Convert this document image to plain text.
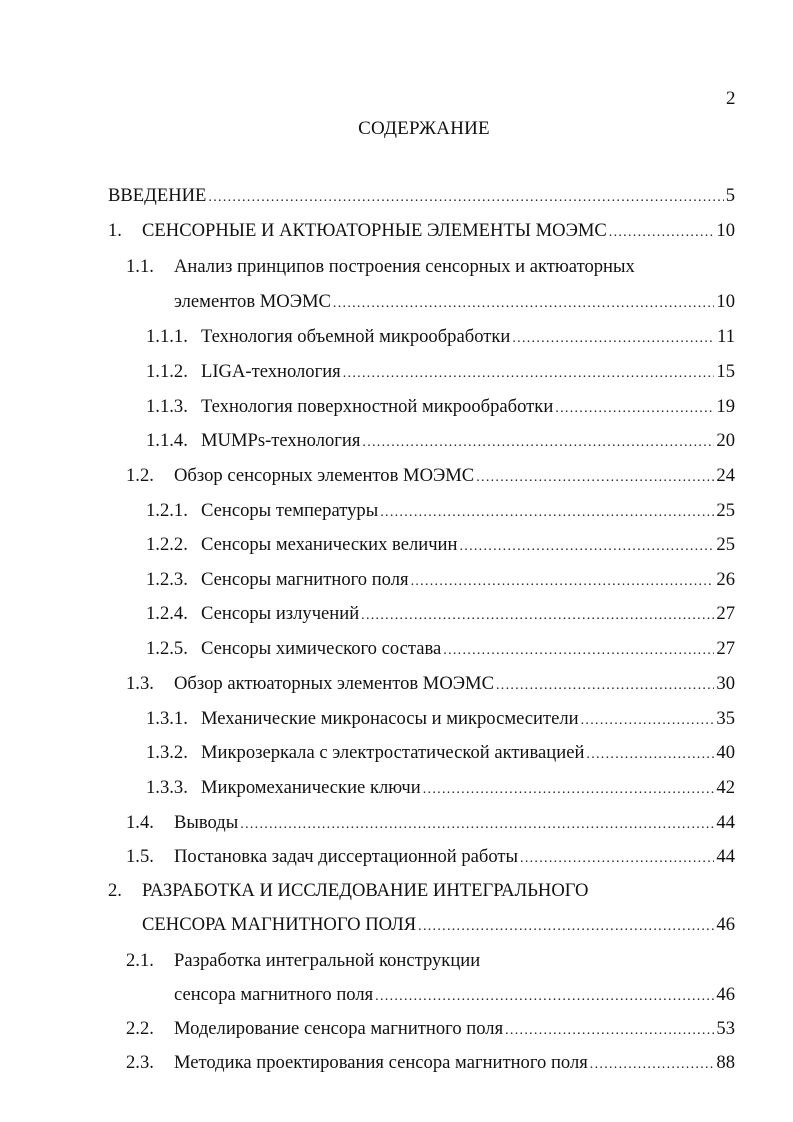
2
СОДЕРЖАНИЕ
ВВЕДЕНИЕ .....	5
1.	СЕНСОРНЫЕ И АКТЮАТОРНЫЕ ЭЛЕМЕНТЫ МОЭМС .....	10
1.1.	Анализ принципов построения сенсорных и актюаторных
элементов МОЭМС .....	10
1.1.1. Технология объемной микрообработки .....	11
1.1.2. LIGA-технология .....	15
1.1.3. Технология поверхностной микрообработки .....	19
1.1.4. MUMPs-технология .....	20
1.2.	Обзор сенсорных элементов МОЭМС .....	24
1.2.1. Сенсоры температуры .....	25
1.2.2. Сенсоры механических величин .....	25
1.2.3. Сенсоры магнитного поля .....	26
1.2.4. Сенсоры излучений .....	27
1.2.5. Сенсоры химического состава .....	27
1.3.	Обзор актюаторных элементов МОЭМС .....	30
1.3.1. Механические микронасосы и микросмесители .....	35
1.3.2. Микрозеркала с электростатической активацией .....	40
1.3.3. Микромеханические ключи .....	42
1.4.	Выводы .....	44
1.5.	Постановка задач диссертационной работы .....	44
2.	РАЗРАБОТКА И ИССЛЕДОВАНИЕ ИНТЕГРАЛЬНОГО
СЕНСОРА МАГНИТНОГО ПОЛЯ .....	46
2.1.	Разработка интегральной конструкции
сенсора магнитного поля .....	46
2.2.	Моделирование сенсора магнитного поля .....	53
2.3.	Методика проектирования сенсора магнитного поля .....	88
